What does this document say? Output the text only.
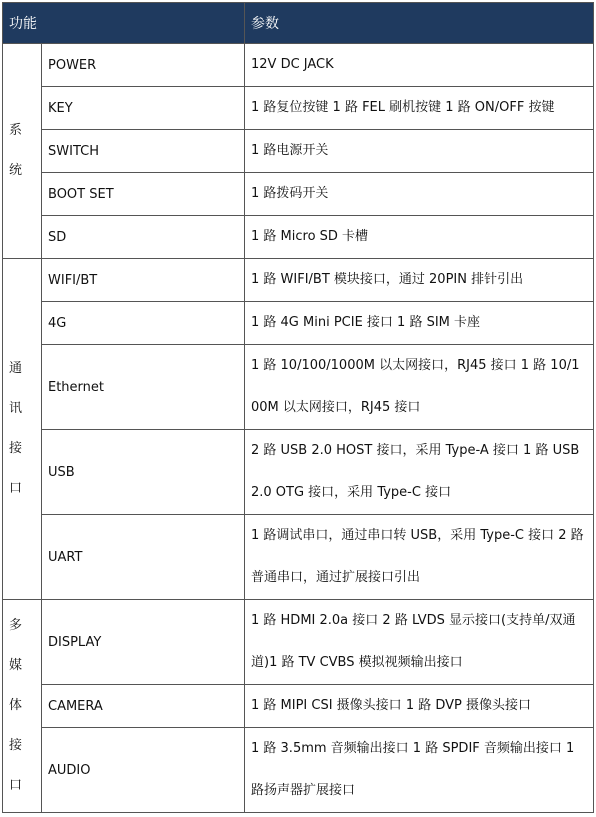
功能		参数
系统	POWER	12V DC JACK
	KEY	1 路复位按键 1 路 FEL 刷机按键 1 路 ON/OFF 按键
	SWITCH	1 路电源开关
	BOOT SET	1 路拨码开关
	SD	1 路 Micro SD 卡槽
通讯接口	WIFI/BT	1 路 WIFI/BT 模块接口，通过 20PIN 排针引出
	4G	1 路 4G Mini PCIE 接口 1 路 SIM 卡座
	Ethernet	1 路 10/100/1000M 以太网接口，RJ45 接口 1 路 10/100M 以太网接口，RJ45 接口
	USB	2 路 USB 2.0 HOST 接口，采用 Type-A 接口 1 路 USB 2.0 OTG 接口，采用 Type-C 接口
	UART	1 路调试串口，通过串口转 USB，采用 Type-C 接口 2 路普通串口，通过扩展接口引出
多媒体接口	DISPLAY	1 路 HDMI 2.0a 接口 2 路 LVDS 显示接口(支持单/双通道)1 路 TV CVBS 模拟视频输出接口
	CAMERA	1 路 MIPI CSI 摄像头接口 1 路 DVP 摄像头接口
	AUDIO	1 路 3.5mm 音频输出接口 1 路 SPDIF 音频输出接口 1 路扬声器扩展接口
